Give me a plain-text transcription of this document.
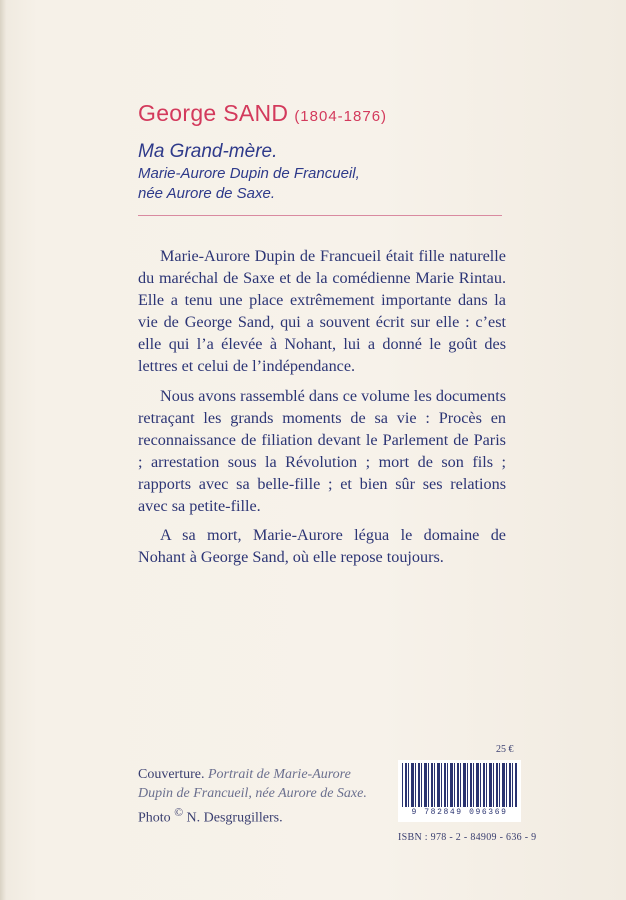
George SAND (1804-1876)
Ma Grand-mère.
Marie-Aurore Dupin de Francueil,
née Aurore de Saxe.

Marie-Aurore Dupin de Francueil était fille naturelle du maréchal de Saxe et de la comédienne Marie Rintau. Elle a tenu une place extrêmement importante dans la vie de George Sand, qui a souvent écrit sur elle : c’est elle qui l’a élevée à Nohant, lui a donné le goût des lettres et celui de l’indépendance.

Nous avons rassemblé dans ce volume les documents retraçant les grands moments de sa vie : Procès en reconnaissance de filiation devant le Parlement de Paris ; arrestation sous la Révolution ; mort de son fils ; rapports avec sa belle-fille ; et bien sûr ses relations avec sa petite-fille.

A sa mort, Marie-Aurore légua le domaine de Nohant à George Sand, où elle repose toujours.

Couverture. Portrait de Marie-Aurore Dupin de Francueil, née Aurore de Saxe.
Photo © N. Desgrugillers.
25 €
9 782849 096369
ISBN : 978 - 2 - 84909 - 636 - 9
